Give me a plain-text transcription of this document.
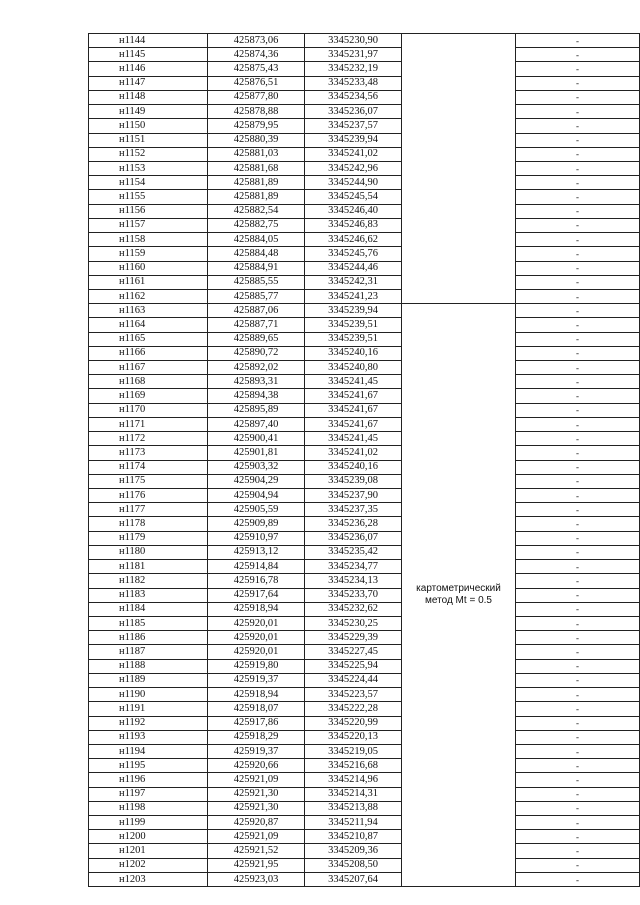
н1144	425873,06	3345230,90		-
н1145	425874,36	3345231,97		-
н1146	425875,43	3345232,19		-
н1147	425876,51	3345233,48		-
н1148	425877,80	3345234,56		-
н1149	425878,88	3345236,07		-
н1150	425879,95	3345237,57		-
н1151	425880,39	3345239,94		-
н1152	425881,03	3345241,02		-
н1153	425881,68	3345242,96		-
н1154	425881,89	3345244,90		-
н1155	425881,89	3345245,54		-
н1156	425882,54	3345246,40		-
н1157	425882,75	3345246,83		-
н1158	425884,05	3345246,62		-
н1159	425884,48	3345245,76		-
н1160	425884,91	3345244,46		-
н1161	425885,55	3345242,31		-
н1162	425885,77	3345241,23		-
н1163	425887,06	3345239,94	картометрический метод Mt = 0.5	-
н1164	425887,71	3345239,51		-
н1165	425889,65	3345239,51		-
н1166	425890,72	3345240,16		-
н1167	425892,02	3345240,80		-
н1168	425893,31	3345241,45		-
н1169	425894,38	3345241,67		-
н1170	425895,89	3345241,67		-
н1171	425897,40	3345241,67		-
н1172	425900,41	3345241,45		-
н1173	425901,81	3345241,02		-
н1174	425903,32	3345240,16		-
н1175	425904,29	3345239,08		-
н1176	425904,94	3345237,90		-
н1177	425905,59	3345237,35		-
н1178	425909,89	3345236,28		-
н1179	425910,97	3345236,07		-
н1180	425913,12	3345235,42		-
н1181	425914,84	3345234,77		-
н1182	425916,78	3345234,13		-
н1183	425917,64	3345233,70		-
н1184	425918,94	3345232,62		-
н1185	425920,01	3345230,25		-
н1186	425920,01	3345229,39		-
н1187	425920,01	3345227,45		-
н1188	425919,80	3345225,94		-
н1189	425919,37	3345224,44		-
н1190	425918,94	3345223,57		-
н1191	425918,07	3345222,28		-
н1192	425917,86	3345220,99		-
н1193	425918,29	3345220,13		-
н1194	425919,37	3345219,05		-
н1195	425920,66	3345216,68		-
н1196	425921,09	3345214,96		-
н1197	425921,30	3345214,31		-
н1198	425921,30	3345213,88		-
н1199	425920,87	3345211,94		-
н1200	425921,09	3345210,87		-
н1201	425921,52	3345209,36		-
н1202	425921,95	3345208,50		-
н1203	425923,03	3345207,64		-
